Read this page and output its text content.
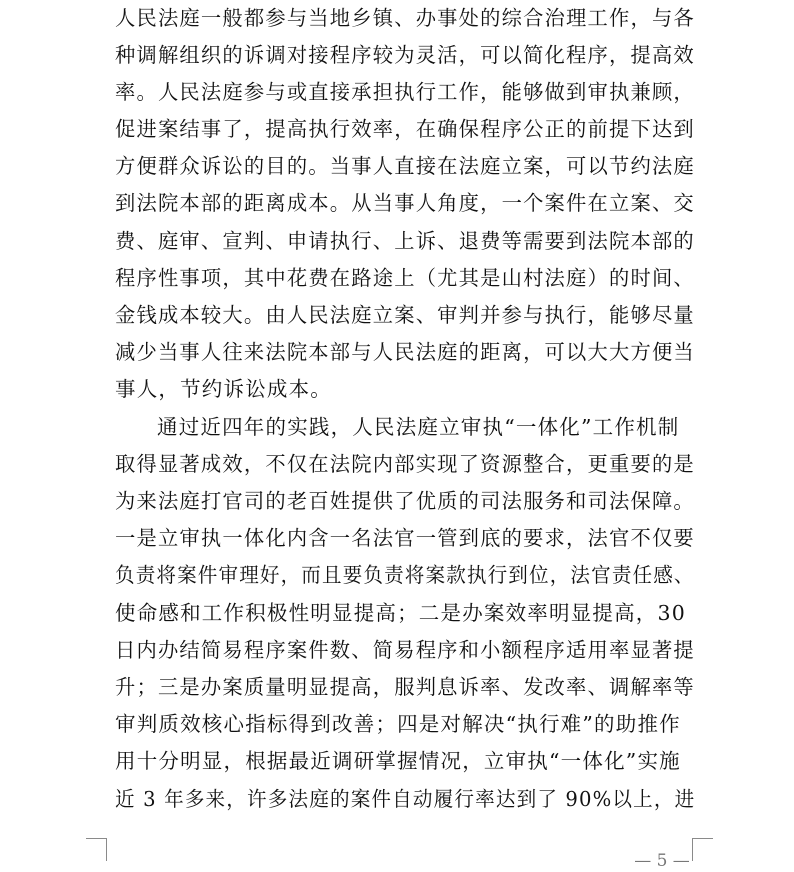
人民法庭一般都参与当地乡镇、办事处的综合治理工作，与各
种调解组织的诉调对接程序较为灵活，可以简化程序，提高效
率。人民法庭参与或直接承担执行工作，能够做到审执兼顾，
促进案结事了，提高执行效率，在确保程序公正的前提下达到
方便群众诉讼的目的。当事人直接在法庭立案，可以节约法庭
到法院本部的距离成本。从当事人角度，一个案件在立案、交
费、庭审、宣判、申请执行、上诉、退费等需要到法院本部的
程序性事项，其中花费在路途上（尤其是山村法庭）的时间、
金钱成本较大。由人民法庭立案、审判并参与执行，能够尽量
减少当事人往来法院本部与人民法庭的距离，可以大大方便当
事人，节约诉讼成本。
通过近四年的实践，人民法庭立审执“一体化”工作机制
取得显著成效，不仅在法院内部实现了资源整合，更重要的是
为来法庭打官司的老百姓提供了优质的司法服务和司法保障。
一是立审执一体化内含一名法官一管到底的要求，法官不仅要
负责将案件审理好，而且要负责将案款执行到位，法官责任感、
使命感和工作积极性明显提高；二是办案效率明显提高，30
日内办结简易程序案件数、简易程序和小额程序适用率显著提
升；三是办案质量明显提高，服判息诉率、发改率、调解率等
审判质效核心指标得到改善；四是对解决“执行难”的助推作
用十分明显，根据最近调研掌握情况，立审执“一体化”实施
近 3 年多来，许多法庭的案件自动履行率达到了 90%以上，进
— 5 —
